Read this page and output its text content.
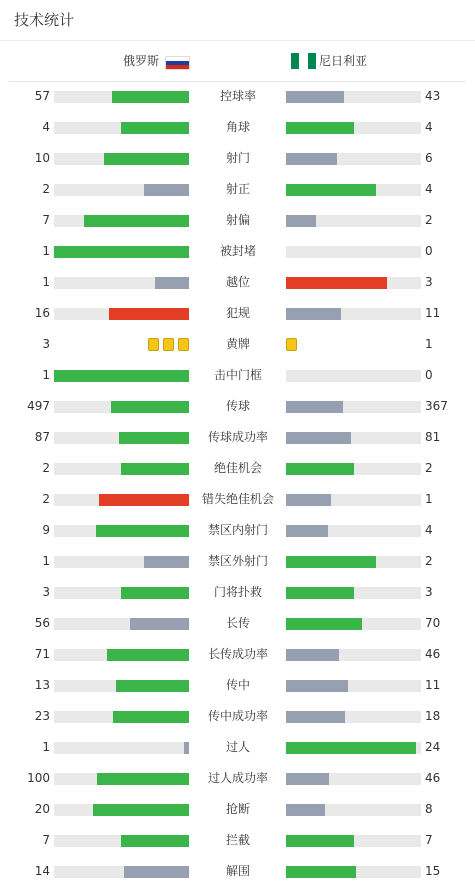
技术统计
俄罗斯	尼日利亚
57	控球率	43
4	角球	4
10	射门	6
2	射正	4
7	射偏	2
1	被封堵	0
1	越位	3
16	犯规	11
3	黄牌	1
1	击中门框	0
497	传球	367
87	传球成功率	81
2	绝佳机会	2
2	错失绝佳机会	1
9	禁区内射门	4
1	禁区外射门	2
3	门将扑救	3
56	长传	70
71	长传成功率	46
13	传中	11
23	传中成功率	18
1	过人	24
100	过人成功率	46
20	抢断	8
7	拦截	7
14	解围	15
